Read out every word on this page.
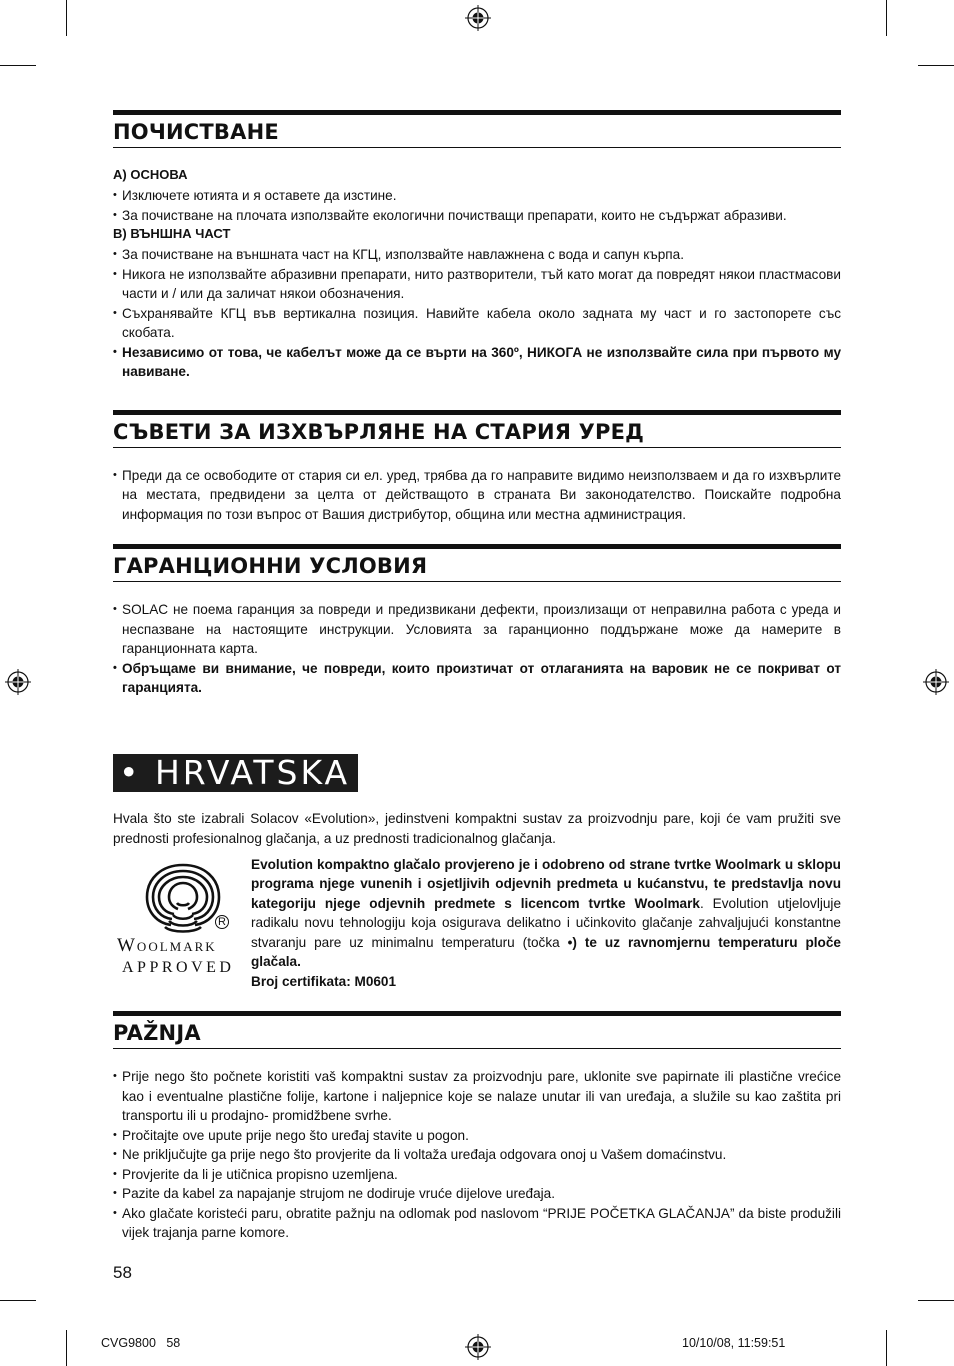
ПОЧИСТВАНЕ
А) ОСНОВА
• Изключете ютията и я оставете да изстине.
• За почистване на плочата използвайте екологични почистващи препарати, които не съдържат абразиви.
В) ВЪНШНА ЧАСТ
• За почистване на външната част на КГЦ, използвайте навлажнена с вода и сапун кърпа.
• Никога не използвайте абразивни препарати, нито разтворители, тъй като могат да повредят някои пластмасови части и / или да заличат някои обозначения.
• Съхранявайте КГЦ във вертикална позиция. Навийте кабела около задната му част и го застопорете със скобата.
• Независимо от това, че кабелът може да се върти на 360º, НИКОГА не използвайте сила при първото му навиване.
СЪВЕТИ ЗА ИЗХВЪРЛЯНЕ НА СТАРИЯ УРЕД
• Преди да се освободите от стария си ел. уред, трябва да го направите видимо неизползваем и да го изхвърлите на местата, предвидени за целта от действащото в страната Ви законодателство. Поискайте подробна информация по този въпрос от Вашия дистрибутор, община или местна администрация.
ГАРАНЦИОННИ УСЛОВИЯ
• SOLAC не поема гаранция за повреди и предизвикани дефекти, произлизащи от неправилна работа с уреда и неспазване на настоящите инструкции. Условията за гаранционно поддържане може да намерите в гаранционната карта.
• Обръщаме ви внимание, че повреди, които произтичат от отлаганията на варовик не се покриват от гаранцията.
• HRVATSKA
Hvala što ste izabrali Solacov «Evolution», jedinstveni kompaktni sustav za proizvodnju pare, koji će vam pružiti sve prednosti profesionalnog glačanja, a uz prednosti tradicionalnog glačanja.
R
Woolmark
APPROVED
Evolution kompaktno glačalo provjereno je i odobreno od strane tvrtke Woolmark u sklopu programa njege vunenih i osjetljivih odjevnih predmeta u kućanstvu, te predstavlja novu kategoriju njege odjevnih predmete s licencom tvrtke Woolmark. Evolution utjelovljuje radikalu novu tehnologiju koja osigurava delikatno i učinkovito glačanje zahvaljujući konstantne stvaranju pare uz minimalnu temperaturu (točka •) te uz ravnomjernu temperaturu ploče glačala.
Broj certifikata: M0601
PAŽNJA
• Prije nego što počnete koristiti vaš kompaktni sustav za proizvodnju pare, uklonite sve papirnate ili plastične vrećice kao i eventualne plastične folije, kartone i naljepnice koje se nalaze unutar ili van uređaja, a služile su kao zaštita pri transportu ili u prodajno- promidžbene svrhe.
• Pročitajte ove upute prije nego što uređaj stavite u pogon.
• Ne priključujte ga prije nego što provjerite da li voltaža uređaja odgovara onoj u Vašem domaćinstvu.
• Provjerite da li je utičnica propisno uzemljena.
• Pazite da kabel za napajanje strujom ne dodiruje vruće dijelove uređaja.
• Ako glačate koristeći paru, obratite pažnju na odlomak pod naslovom “PRIJE POČETKA GLAČANJA” da biste produžili vijek trajanja parne komore.
58
CVG9800   58	10/10/08, 11:59:51
